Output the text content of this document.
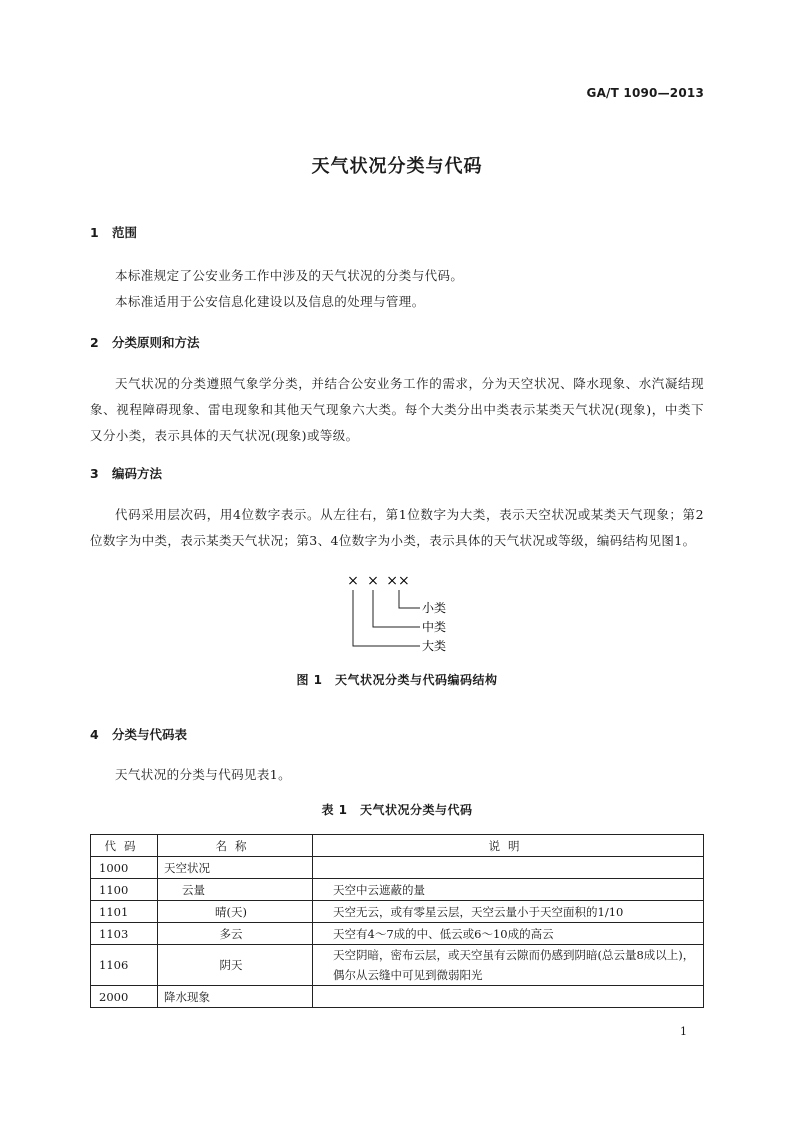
GA/T 1090—2013
天气状况分类与代码
1 范围

本标准规定了公安业务工作中涉及的天气状况的分类与代码。

本标准适用于公安信息化建设以及信息的处理与管理。

2 分类原则和方法

天气状况的分类遵照气象学分类，并结合公安业务工作的需求，分为天空状况、降水现象、水汽凝结现象、视程障碍现象、雷电现象和其他天气现象六大类。每个大类分出中类表示某类天气状况(现象)，中类下又分小类，表示具体的天气状况(现象)或等级。

3 编码方法

代码采用层次码，用4位数字表示。从左往右，第1位数字为大类，表示天空状况或某类天气现象；第2位数字为中类，表示某类天气状况；第3、4位数字为小类，表示具体的天气状况或等级，编码结构见图1。

× × ××
小类
中类
大类
图 1　天气状况分类与代码编码结构
4 分类与代码表

天气状况的分类与代码见表1。

表 1　天气状况分类与代码
代码	名称	说明
1000	天空状况	
1100	云量	天空中云遮蔽的量
1101	晴(天)	天空无云，或有零星云层，天空云量小于天空面积的1/10
1103	多云	天空有4～7成的中、低云或6～10成的高云
1106	阴天	天空阴暗，密布云层，或天空虽有云隙而仍感到阴暗(总云量8成以上)，偶尔从云缝中可见到微弱阳光
2000	降水现象	
1
